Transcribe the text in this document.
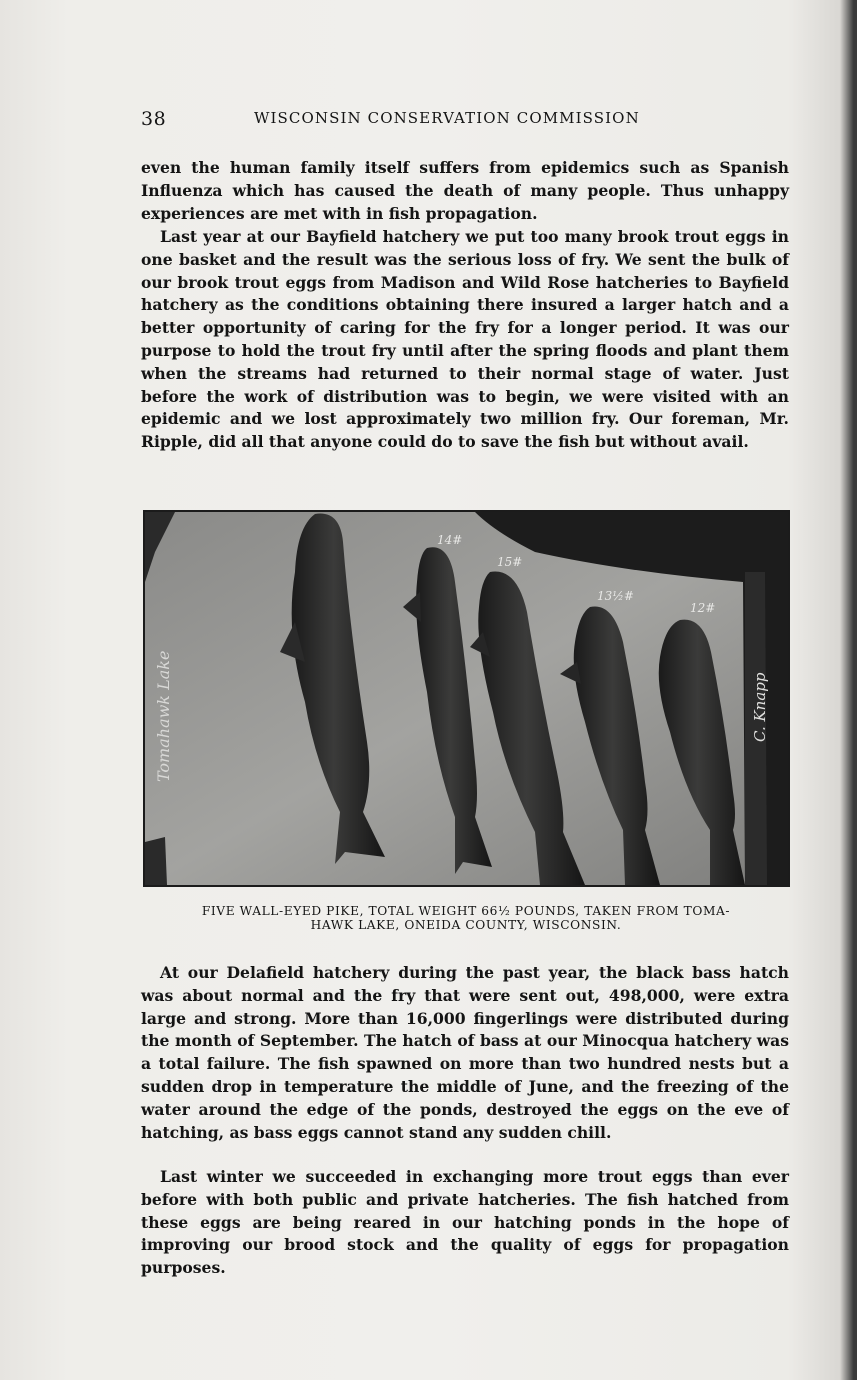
38	WISCONSIN CONSERVATION COMMISSION

even the human family itself suffers from epidemics such as Spanish Influenza which has caused the death of many people. Thus unhappy experiences are met with in fish propagation.

Last year at our Bayfield hatchery we put too many brook trout eggs in one basket and the result was the serious loss of fry. We sent the bulk of our brook trout eggs from Madison and Wild Rose hatcheries to Bayfield hatchery as the conditions obtaining there insured a larger hatch and a better opportunity of caring for the fry for a longer period. It was our purpose to hold the trout fry until after the spring floods and plant them when the streams had returned to their normal stage of water. Just before the work of distribution was to begin, we were visited with an epidemic and we lost approximately two million fry. Our foreman, Mr. Ripple, did all that anyone could do to save the fish but without avail.

14#
15#
13½#
12#
Tomahawk Lake	C. Knapp

FIVE WALL-EYED PIKE, TOTAL WEIGHT 66½ POUNDS, TAKEN FROM TOMA-
HAWK LAKE, ONEIDA COUNTY, WISCONSIN.

At our Delafield hatchery during the past year, the black bass hatch was about normal and the fry that were sent out, 498,000, were extra large and strong. More than 16,000 fingerlings were distributed during the month of September. The hatch of bass at our Minocqua hatchery was a total failure. The fish spawned on more than two hundred nests but a sudden drop in temperature the middle of June, and the freezing of the water around the edge of the ponds, destroyed the eggs on the eve of hatching, as bass eggs cannot stand any sudden chill.

Last winter we succeeded in exchanging more trout eggs than ever before with both public and private hatcheries. The fish hatched from these eggs are being reared in our hatching ponds in the hope of improving our brood stock and the quality of eggs for propagation purposes.
